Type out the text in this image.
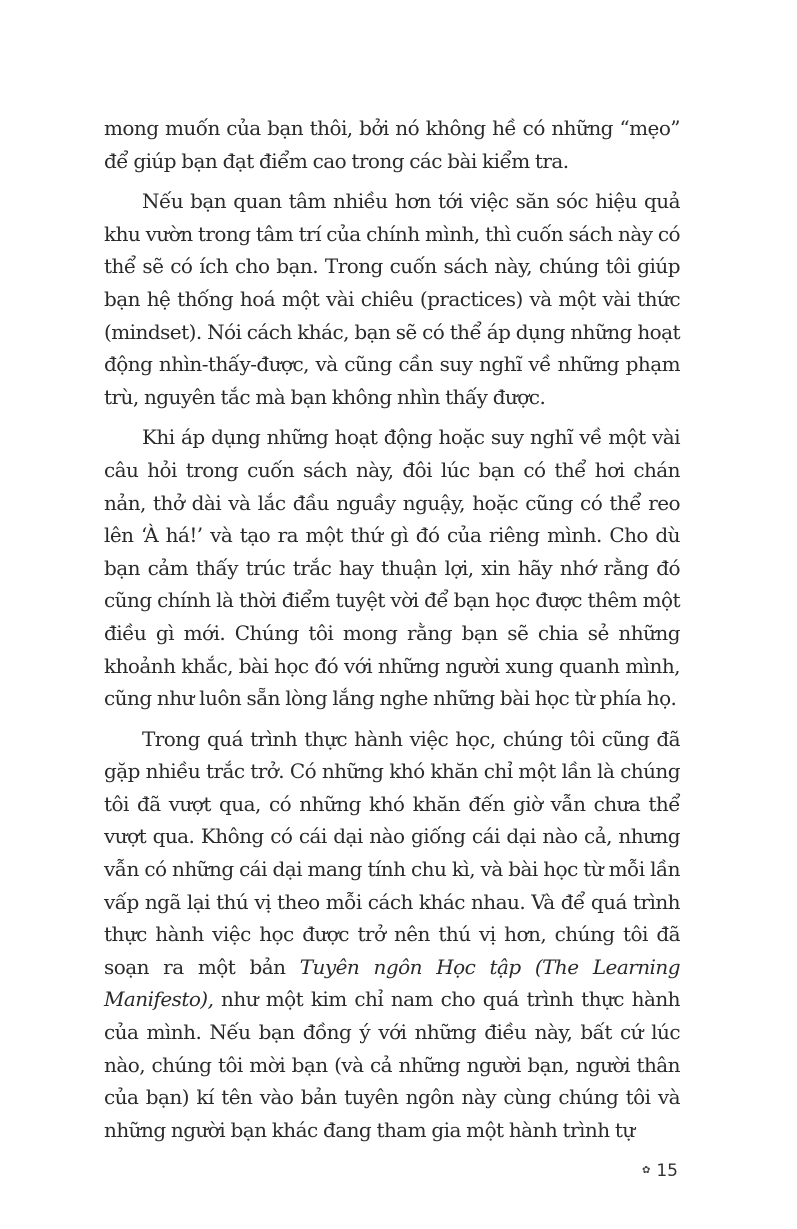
mong muốn của bạn thôi, bởi nó không hề có những “mẹo” để giúp bạn đạt điểm cao trong các bài kiểm tra.

Nếu bạn quan tâm nhiều hơn tới việc săn sóc hiệu quả khu vườn trong tâm trí của chính mình, thì cuốn sách này có thể sẽ có ích cho bạn. Trong cuốn sách này, chúng tôi giúp bạn hệ thống hoá một vài chiêu (practices) và một vài thức (mindset). Nói cách khác, bạn sẽ có thể áp dụng những hoạt động nhìn-thấy-được, và cũng cần suy nghĩ về những phạm trù, nguyên tắc mà bạn không nhìn thấy được.

Khi áp dụng những hoạt động hoặc suy nghĩ về một vài câu hỏi trong cuốn sách này, đôi lúc bạn có thể hơi chán nản, thở dài và lắc đầu nguầy nguậy, hoặc cũng có thể reo lên ‘À há!’ và tạo ra một thứ gì đó của riêng mình. Cho dù bạn cảm thấy trúc trắc hay thuận lợi, xin hãy nhớ rằng đó cũng chính là thời điểm tuyệt vời để bạn học được thêm một điều gì mới. Chúng tôi mong rằng bạn sẽ chia sẻ những khoảnh khắc, bài học đó với những người xung quanh mình, cũng như luôn sẵn lòng lắng nghe những bài học từ phía họ.

Trong quá trình thực hành việc học, chúng tôi cũng đã gặp nhiều trắc trở. Có những khó khăn chỉ một lần là chúng tôi đã vượt qua, có những khó khăn đến giờ vẫn chưa thể vượt qua. Không có cái dại nào giống cái dại nào cả, nhưng vẫn có những cái dại mang tính chu kì, và bài học từ mỗi lần vấp ngã lại thú vị theo mỗi cách khác nhau. Và để quá trình thực hành việc học được trở nên thú vị hơn, chúng tôi đã soạn ra một bản Tuyên ngôn Học tập (The Learning Manifesto), như một kim chỉ nam cho quá trình thực hành của mình. Nếu bạn đồng ý với những điều này, bất cứ lúc nào, chúng tôi mời bạn (và cả những người bạn, người thân của bạn) kí tên vào bản tuyên ngôn này cùng chúng tôi và những người bạn khác đang tham gia một hành trình tự

✿ 15
